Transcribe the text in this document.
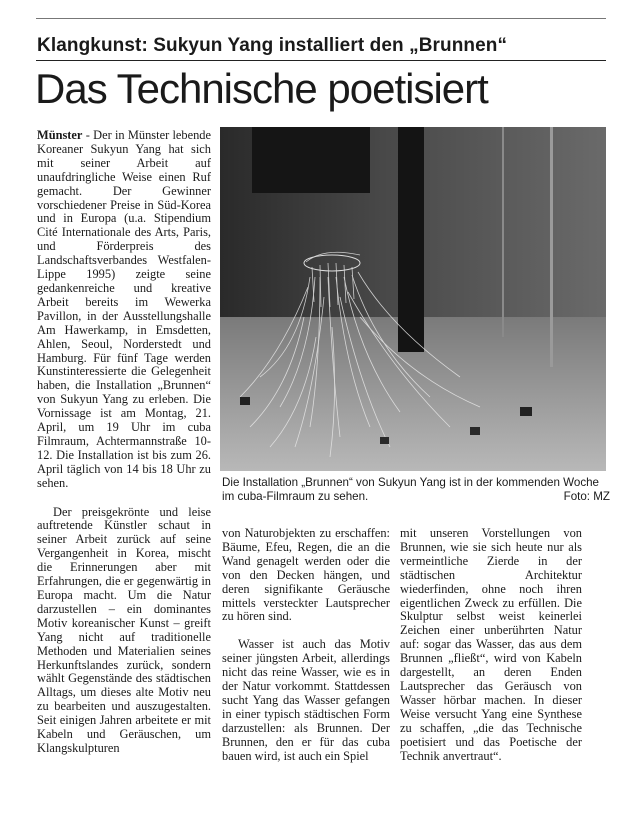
Klangkunst: Sukyun Yang installiert den „Brunnen“
Das Technische poetisiert

Münster - Der in Münster lebende Koreaner Sukyun Yang hat sich mit seiner Arbeit auf unaufdringliche Weise einen Ruf gemacht. Der Gewinner vorschiedener Preise in Süd-Korea und in Europa (u.a. Stipendium Cité Internationale des Arts, Paris, und Förderpreis des Landschaftsverbandes Westfalen-Lippe 1995) zeigte seine gedankenreiche und kreative Arbeit bereits im Wewerka Pavillon, in der Ausstellungshalle Am Hawerkamp, in Emsdetten, Ahlen, Seoul, Norderstedt und Hamburg. Für fünf Tage werden Kunstinteressierte die Gelegenheit haben, die Installation „Brunnen“ von Sukyun Yang zu erleben. Die Vornissage ist am Montag, 21. April, um 19 Uhr im cuba Filmraum, Achtermannstraße 10-12. Die Installation ist bis zum 26. April täglich von 14 bis 18 Uhr zu sehen.

Der preisgekrönte und leise auftretende Künstler schaut in seiner Arbeit zurück auf seine Vergangenheit in Korea, mischt die Erinnerungen aber mit Erfahrungen, die er gegenwärtig in Europa macht. Um die Natur darzustellen – ein dominantes Motiv koreanischer Kunst – greift Yang nicht auf traditionelle Methoden und Materialien seines Herkunftslandes zurück, sondern wählt Gegenstände des städtischen Alltags, um dieses alte Motiv neu zu bearbeiten und auszugestalten. Seit einigen Jahren arbeitete er mit Kabeln und Geräuschen, um Klangskulpturen

Die Installation „Brunnen“ von Sukyun Yang ist in der kommenden Woche im cuba-Filmraum zu sehen.	Foto: MZ

von Naturobjekten zu erschaffen: Bäume, Efeu, Regen, die an die Wand genagelt werden oder die von den Decken hängen, und deren signifikante Geräusche mittels versteckter Lautsprecher zu hören sind.

Wasser ist auch das Motiv seiner jüngsten Arbeit, allerdings nicht das reine Wasser, wie es in der Natur vorkommt. Stattdessen sucht Yang das Wasser gefangen in einer typisch städtischen Form darzustellen: als Brunnen. Der Brunnen, den er für das cuba bauen wird, ist auch ein Spiel

mit unseren Vorstellungen von Brunnen, wie sie sich heute nur als vermeintliche Zierde in der städtischen Architektur wiederfinden, ohne noch ihren eigentlichen Zweck zu erfüllen. Die Skulptur selbst weist keinerlei Zeichen einer unberührten Natur auf: sogar das Wasser, das aus dem Brunnen „fließt“, wird von Kabeln dargestellt, an deren Enden Lautsprecher das Geräusch von Wasser hörbar machen. In dieser Weise versucht Yang eine Synthese zu schaffen, „die das Technische poetisiert und das Poetische der Technik anvertraut“.
